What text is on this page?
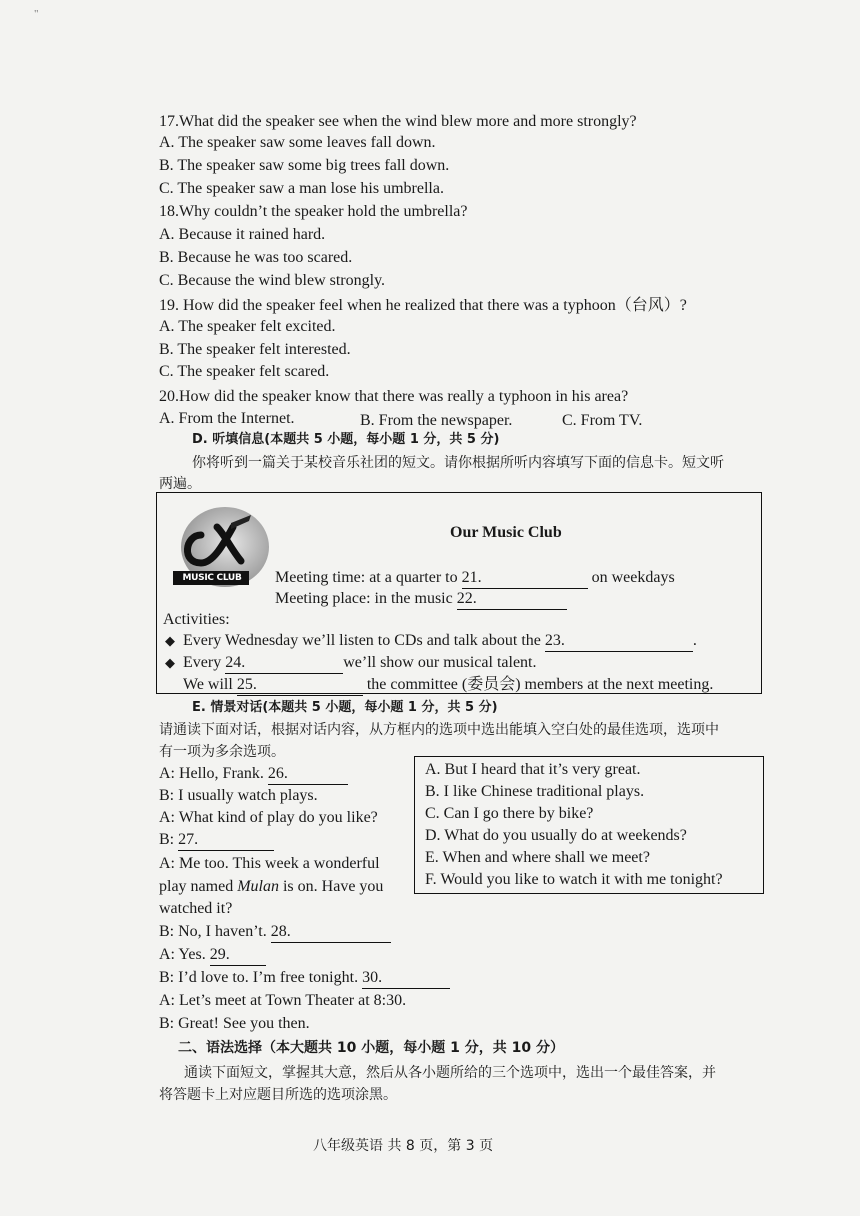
"
17.What did the speaker see when the wind blew more and more strongly?
A. The speaker saw some leaves fall down.
B. The speaker saw some big trees fall down.
C. The speaker saw a man lose his umbrella.
18.Why couldn’t the speaker hold the umbrella?
A. Because it rained hard.
B. Because he was too scared.
C. Because the wind blew strongly.
19. How did the speaker feel when he realized that there was a typhoon（台风）?
A. The speaker felt excited.
B. The speaker felt interested.
C. The speaker felt scared.
20.How did the speaker know that there was really a typhoon in his area?
A. From the Internet.	B. From the newspaper.	C. From TV.
D. 听填信息(本题共 5 小题，每小题 1 分，共 5 分)
你将听到一篇关于某校音乐社团的短文。请你根据所听内容填写下面的信息卡。短文听
两遍。
MUSIC CLUB
Our Music Club
Meeting time: at a quarter to 21.	on weekdays
Meeting place: in the music 22.
Activities:
◆ Every Wednesday we’ll listen to CDs and talk about the 23.	.
◆ Every 24.	we’ll show our musical talent.
We will 25.	the committee (委员会) members at the next meeting.
E. 情景对话(本题共 5 小题，每小题 1 分，共 5 分)
请通读下面对话，根据对话内容，从方框内的选项中选出能填入空白处的最佳选项，选项中
有一项为多余选项。
A: Hello, Frank. 26.
B: I usually watch plays.
A: What kind of play do you like?
B: 27.
A: Me too. This week a wonderful
play named Mulan is on. Have you
watched it?
B: No, I haven’t. 28.
A: Yes. 29.
B: I’d love to. I’m free tonight. 30.
A: Let’s meet at Town Theater at 8:30.
B: Great! See you then.
A. But I heard that it’s very great.
B. I like Chinese traditional plays.
C. Can I go there by bike?
D. What do you usually do at weekends?
E. When and where shall we meet?
F. Would you like to watch it with me tonight?
二、语法选择（本大题共 10 小题，每小题 1 分，共 10 分）
通读下面短文，掌握其大意，然后从各小题所给的三个选项中，选出一个最佳答案，并
将答题卡上对应题目所选的选项涂黑。
八年级英语 共 8 页，第 3 页
